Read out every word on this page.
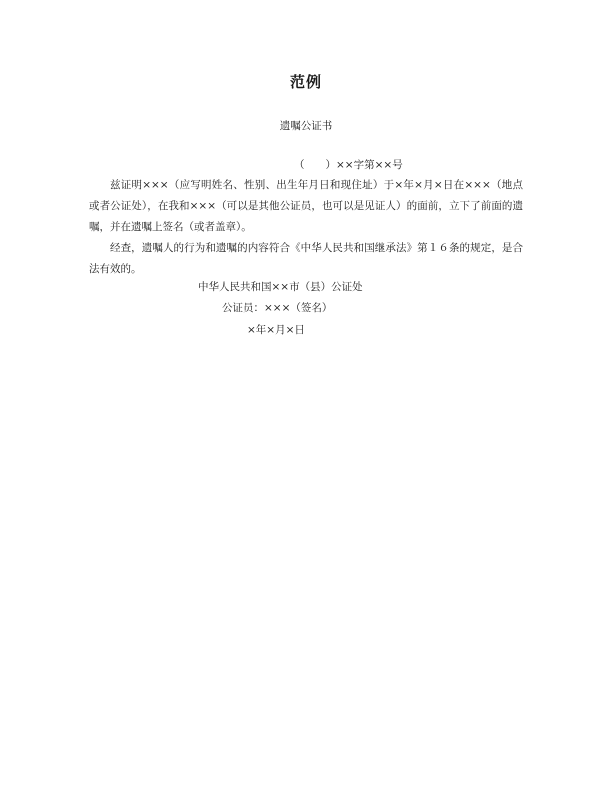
范例
遗嘱公证书
（　　）××字第××号

兹证明×××（应写明姓名、性别、出生年月日和现住址）于×年×月×日在×××（地点或者公证处），在我和×××（可以是其他公证员，也可以是见证人）的面前，立下了前面的遗嘱，并在遗嘱上签名（或者盖章）。

经查，遗嘱人的行为和遗嘱的内容符合《中华人民共和国继承法》第１６条的规定，是合法有效的。

中华人民共和国××市（县）公证处
公证员：×××（签名）
×年×月×日
